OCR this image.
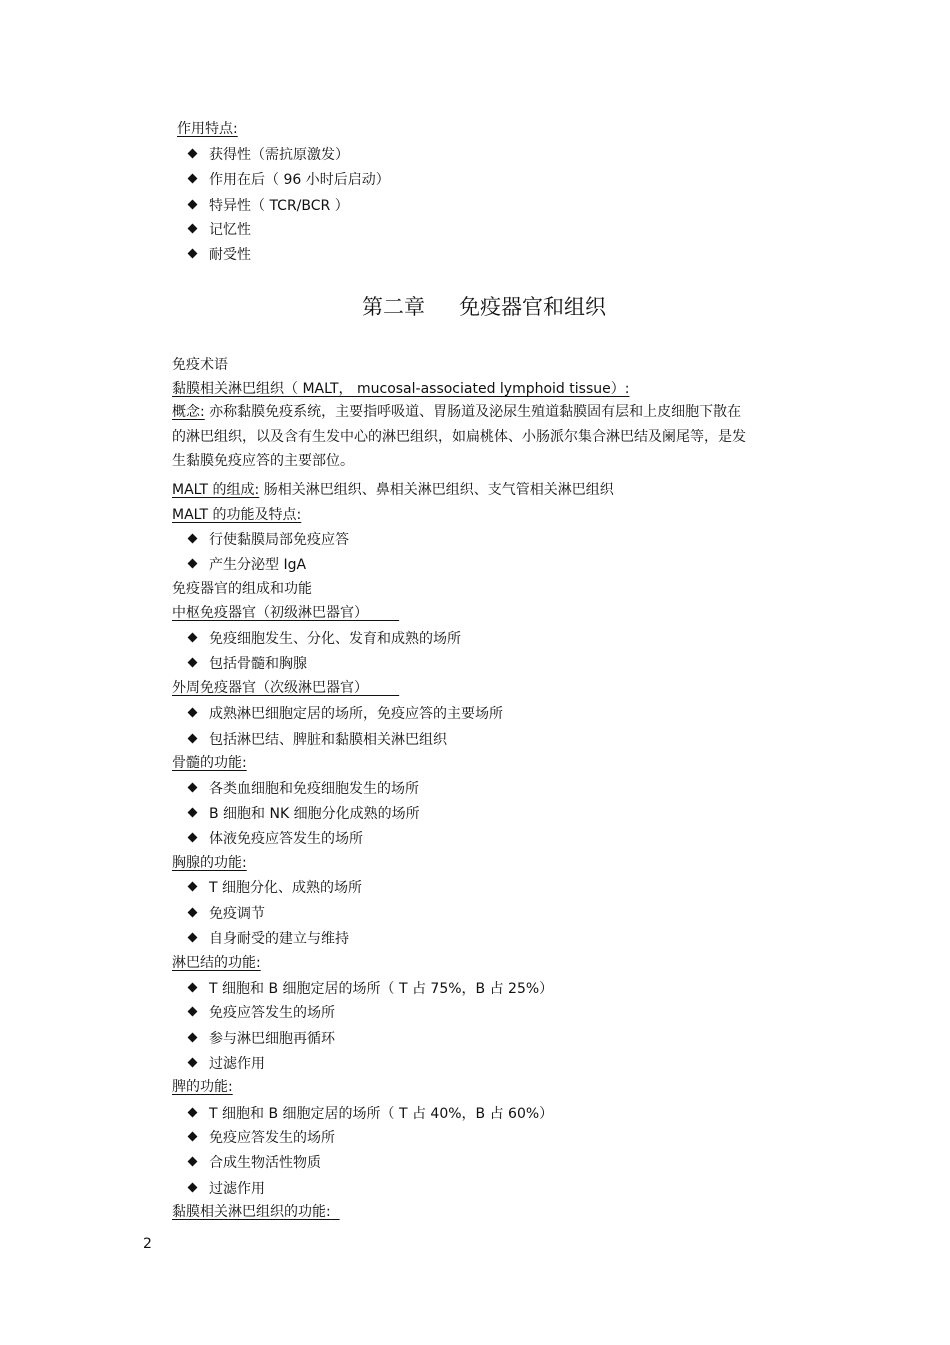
作用特点:
获得性（需抗原激发）
作用在后（ 96 小时后启动）
特异性（ TCR/BCR ）
记忆性
耐受性
第二章 免疫器官和组织
免疫术语
黏膜相关淋巴组织（ MALT， mucosal-associated lymphoid tissue）:
概念: 亦称黏膜免疫系统，主要指呼吸道、胃肠道及泌尿生殖道黏膜固有层和上皮细胞下散在的淋巴组织，以及含有生发中心的淋巴组织，如扁桃体、小肠派尔集合淋巴结及阑尾等，是发生黏膜免疫应答的主要部位。
MALT 的组成: 肠相关淋巴组织、鼻相关淋巴组织、支气管相关淋巴组织
MALT 的功能及特点:
行使黏膜局部免疫应答
产生分泌型 IgA
免疫器官的组成和功能
中枢免疫器官（初级淋巴器官）
免疫细胞发生、分化、发育和成熟的场所
包括骨髓和胸腺
外周免疫器官（次级淋巴器官）
成熟淋巴细胞定居的场所，免疫应答的主要场所
包括淋巴结、脾脏和黏膜相关淋巴组织
骨髓的功能:
各类血细胞和免疫细胞发生的场所
B 细胞和 NK 细胞分化成熟的场所
体液免疫应答发生的场所
胸腺的功能:
T 细胞分化、成熟的场所
免疫调节
自身耐受的建立与维持
淋巴结的功能:
T 细胞和 B 细胞定居的场所（ T 占 75%，B 占 25%）
免疫应答发生的场所
参与淋巴细胞再循环
过滤作用
脾的功能:
T 细胞和 B 细胞定居的场所（ T 占 40%，B 占 60%）
免疫应答发生的场所
合成生物活性物质
过滤作用
黏膜相关淋巴组织的功能:
2
